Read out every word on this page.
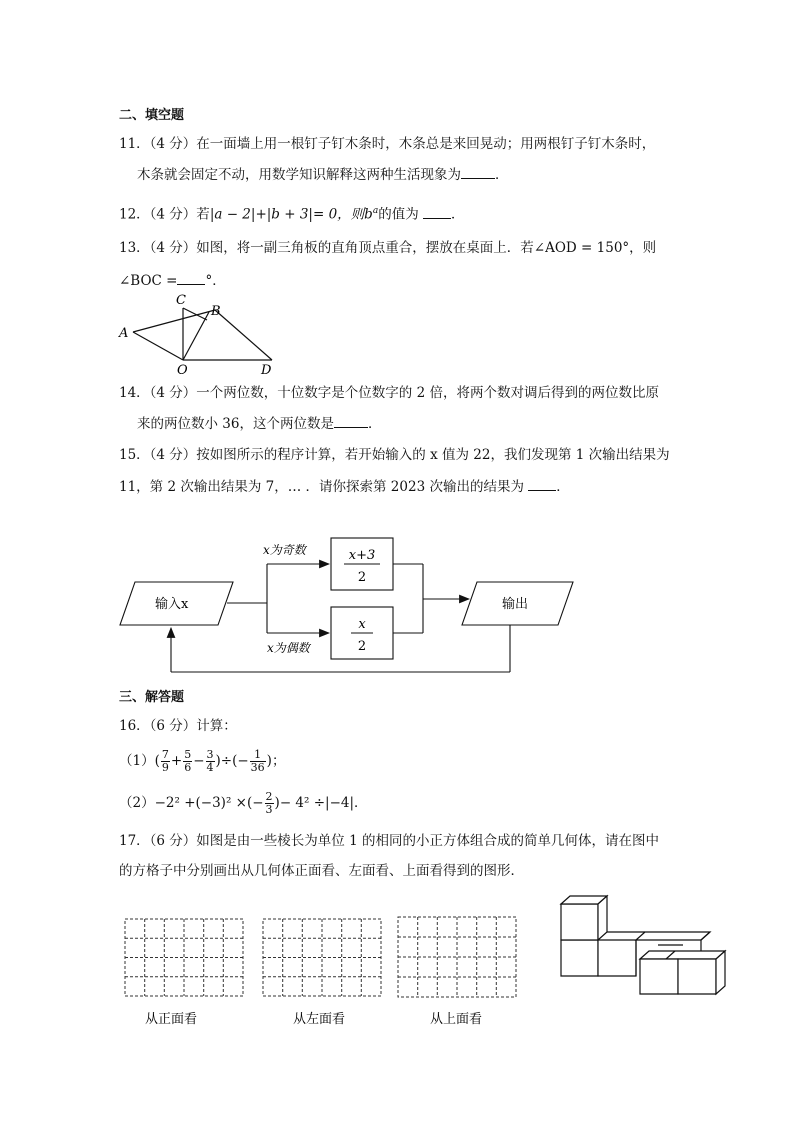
二、填空题
11．（4 分）在一面墙上用一根钉子钉木条时，木条总是来回晃动；用两根钉子钉木条时，
木条就会固定不动，用数学知识解释这两种生活现象为	．
12．（4 分）若|a − 2|+|b + 3|= 0，则$b^a$的值为 ．
13．（4 分）如图，将一副三角板的直角顶点重合，摆放在桌面上．若∠AOD = 150°，则
∠BOC = °．
A
C
B
O	D
14．（4 分）一个两位数，十位数字是个位数字的 2 倍，将两个数对调后得到的两位数比原
来的两位数小 36，这个两位数是	．
15．（4 分）按如图所示的程序计算，若开始输入的 x 值为 22，我们发现第 1 次输出结果为
11，第 2 次输出结果为 7，… ．请你探索第 2023 次输出的结果为 ．
输入x	输出
x为奇数
x为偶数
x+3
2
x
2
三、解答题
16．（6 分）计算：
$(1)( \frac{7}{9} + \frac{5}{6} - \frac{3}{4}$ )÷(− $\frac{1}{36}$ )；
（2）−2² +(−3)² ×(− $\frac{2}{3}$ )− 4² ÷|−4|．
17．（6 分）如图是由一些棱长为单位 1 的相同的小正方体组合成的简单几何体，请在图中
的方格子中分别画出从几何体正面看、左面看、上面看得到的图形．
从正面看	从左面看	从上面看
